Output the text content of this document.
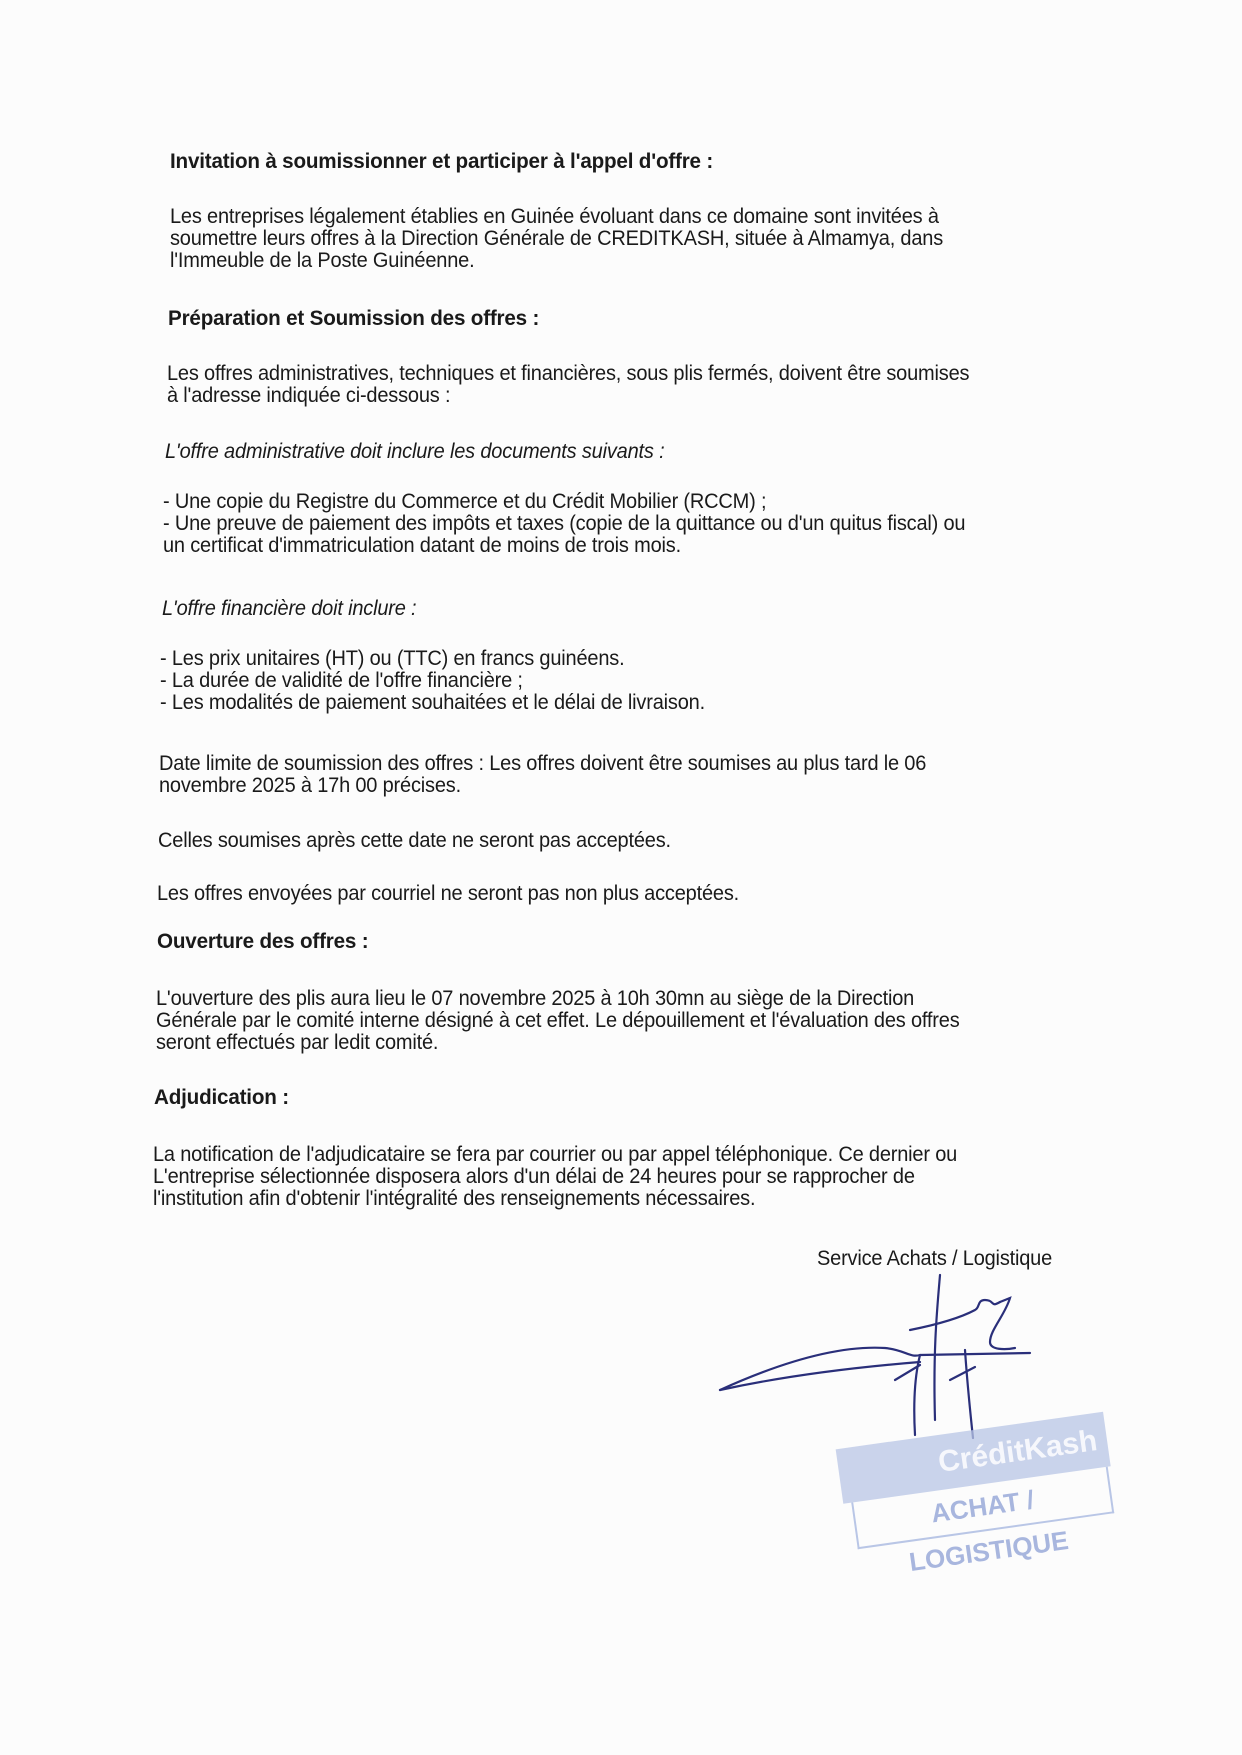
Invitation à soumissionner et participer à l'appel d'offre :
Les entreprises légalement établies en Guinée évoluant dans ce domaine sont invitées à
soumettre leurs offres à la Direction Générale de CREDITKASH, située à Almamya, dans
l'Immeuble de la Poste Guinéenne.
Préparation et Soumission des offres :
Les offres administratives, techniques et financières, sous plis fermés, doivent être soumises
à l'adresse indiquée ci-dessous :
L'offre administrative doit inclure les documents suivants :
- Une copie du Registre du Commerce et du Crédit Mobilier (RCCM) ;
- Une preuve de paiement des impôts et taxes (copie de la quittance ou d'un quitus fiscal) ou
un certificat d'immatriculation datant de moins de trois mois.
L'offre financière doit inclure :
- Les prix unitaires (HT) ou (TTC) en francs guinéens.
- La durée de validité de l'offre financière ;
- Les modalités de paiement souhaitées et le délai de livraison.
Date limite de soumission des offres : Les offres doivent être soumises au plus tard le 06
novembre 2025 à 17h 00 précises.
Celles soumises après cette date ne seront pas acceptées.
Les offres envoyées par courriel ne seront pas non plus acceptées.
Ouverture des offres :
L'ouverture des plis aura lieu le 07 novembre 2025 à 10h 30mn au siège de la Direction
Générale par le comité interne désigné à cet effet. Le dépouillement et l'évaluation des offres
seront effectués par ledit comité.
Adjudication :
La notification de l'adjudicataire se fera par courrier ou par appel téléphonique. Ce dernier ou
L'entreprise sélectionnée disposera alors d'un délai de 24 heures pour se rapprocher de
l'institution afin d'obtenir l'intégralité des renseignements nécessaires.
Service Achats / Logistique
CréditKash
ACHAT / LOGISTIQUE
